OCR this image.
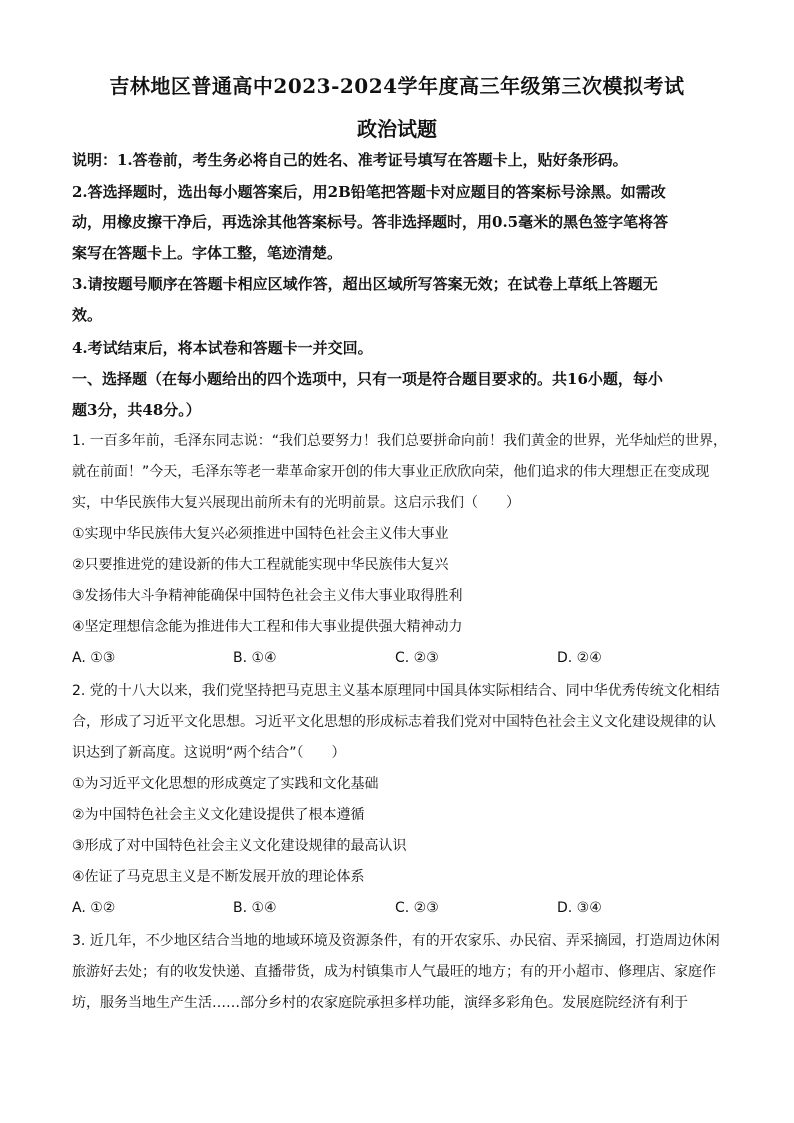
吉林地区普通高中2023-2024学年度高三年级第三次模拟考试
政治试题
说明：1.答卷前，考生务必将自己的姓名、准考证号填写在答题卡上，贴好条形码。
2.答选择题时，选出每小题答案后，用2B铅笔把答题卡对应题目的答案标号涂黑。如需改
动，用橡皮擦干净后，再选涂其他答案标号。答非选择题时，用0.5毫米的黑色签字笔将答
案写在答题卡上。字体工整，笔迹清楚。
3.请按题号顺序在答题卡相应区域作答，超出区域所写答案无效；在试卷上草纸上答题无
效。
4.考试结束后，将本试卷和答题卡一并交回。
一、选择题（在每小题给出的四个选项中，只有一项是符合题目要求的。共16小题，每小
题3分，共48分。）
1. 一百多年前，毛泽东同志说：“我们总要努力！我们总要拼命向前！我们黄金的世界，光华灿烂的世界，
就在前面！”今天，毛泽东等老一辈革命家开创的伟大事业正欣欣向荣，他们追求的伟大理想正在变成现
实，中华民族伟大复兴展现出前所未有的光明前景。这启示我们（　　）
①实现中华民族伟大复兴必须推进中国特色社会主义伟大事业
②只要推进党的建设新的伟大工程就能实现中华民族伟大复兴
③发扬伟大斗争精神能确保中国特色社会主义伟大事业取得胜利
④坚定理想信念能为推进伟大工程和伟大事业提供强大精神动力
A. ①③	B. ①④	C. ②③	D. ②④
2. 党的十八大以来，我们党坚持把马克思主义基本原理同中国具体实际相结合、同中华优秀传统文化相结
合，形成了习近平文化思想。习近平文化思想的形成标志着我们党对中国特色社会主义文化建设规律的认
识达到了新高度。这说明“两个结合”（　　）
①为习近平文化思想的形成奠定了实践和文化基础
②为中国特色社会主义文化建设提供了根本遵循
③形成了对中国特色社会主义文化建设规律的最高认识
④佐证了马克思主义是不断发展开放的理论体系
A. ①②	B. ①④	C. ②③	D. ③④
3. 近几年，不少地区结合当地的地域环境及资源条件，有的开农家乐、办民宿、弄采摘园，打造周边休闲
旅游好去处；有的收发快递、直播带货，成为村镇集市人气最旺的地方；有的开小超市、修理店、家庭作
坊，服务当地生产生活……部分乡村的农家庭院承担多样功能，演绎多彩角色。发展庭院经济有利于
